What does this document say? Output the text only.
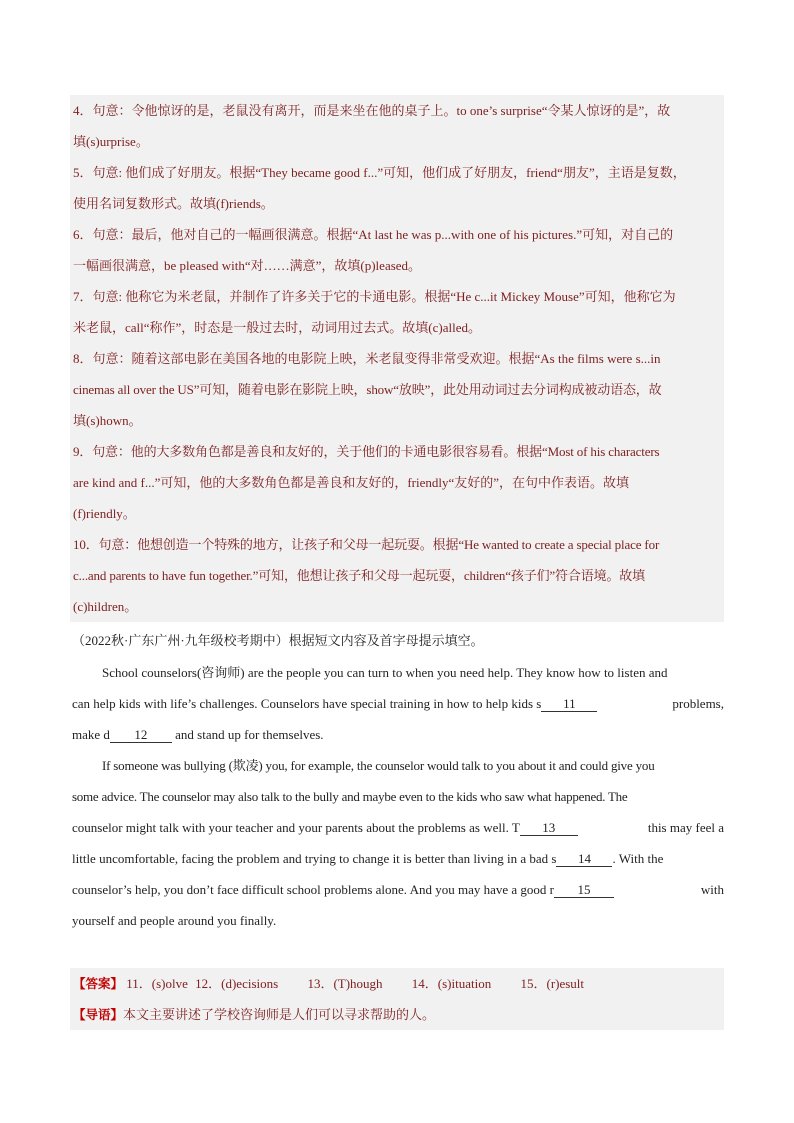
4．句意：令他惊讶的是，老鼠没有离开，而是来坐在他的桌子上。to one’s surprise“令某人惊讶的是”，故
填(s)urprise。
5．句意: 他们成了好朋友。根据“They became good f...”可知，他们成了好朋友，friend“朋友”，主语是复数，
使用名词复数形式。故填(f)riends。
6．句意：最后，他对自己的一幅画很满意。根据“At last he was p...with one of his pictures.”可知，对自己的
一幅画很满意，be pleased with“对……满意”，故填(p)leased。
7．句意: 他称它为米老鼠，并制作了许多关于它的卡通电影。根据“He c...it Mickey Mouse”可知，他称它为
米老鼠，call“称作”，时态是一般过去时，动词用过去式。故填(c)alled。
8．句意：随着这部电影在美国各地的电影院上映，米老鼠变得非常受欢迎。根据“As the films were s...in
cinemas all over the US”可知，随着电影在影院上映，show“放映”，此处用动词过去分词构成被动语态，故
填(s)hown。
9．句意：他的大多数角色都是善良和友好的，关于他们的卡通电影很容易看。根据“Most of his characters
are kind and f...”可知，他的大多数角色都是善良和友好的，friendly“友好的”，在句中作表语。故填
(f)riendly。
10．句意：他想创造一个特殊的地方，让孩子和父母一起玩耍。根据“He wanted to create a special place for
c...and parents to have fun together.”可知，他想让孩子和父母一起玩耍，children“孩子们”符合语境。故填
(c)hildren。
（2022秋·广东广州·九年级校考期中）根据短文内容及首字母提示填空。
School counselors(咨询师) are the people you can turn to when you need help. They know how to listen and
can help kids with life’s challenges. Counselors have special training in how to help kids s 11	problems,
make d 12 and stand up for themselves.
If someone was bullying (欺凌) you, for example, the counselor would talk to you about it and could give you
some advice. The counselor may also talk to the bully and maybe even to the kids who saw what happened. The
counselor might talk with your teacher and your parents about the problems as well. T 13	this may feel a
little uncomfortable, facing the problem and trying to change it is better than living in a bad s 14 . With the
counselor’s help, you don’t face difficult school problems alone. And you may have a good r 15	with
yourself and people around you finally.
【答案】 11．(s)olve 12．(d)ecisions 13．(T)hough 14．(s)ituation 15．(r)esult
【导语】本文主要讲述了学校咨询师是人们可以寻求帮助的人。
